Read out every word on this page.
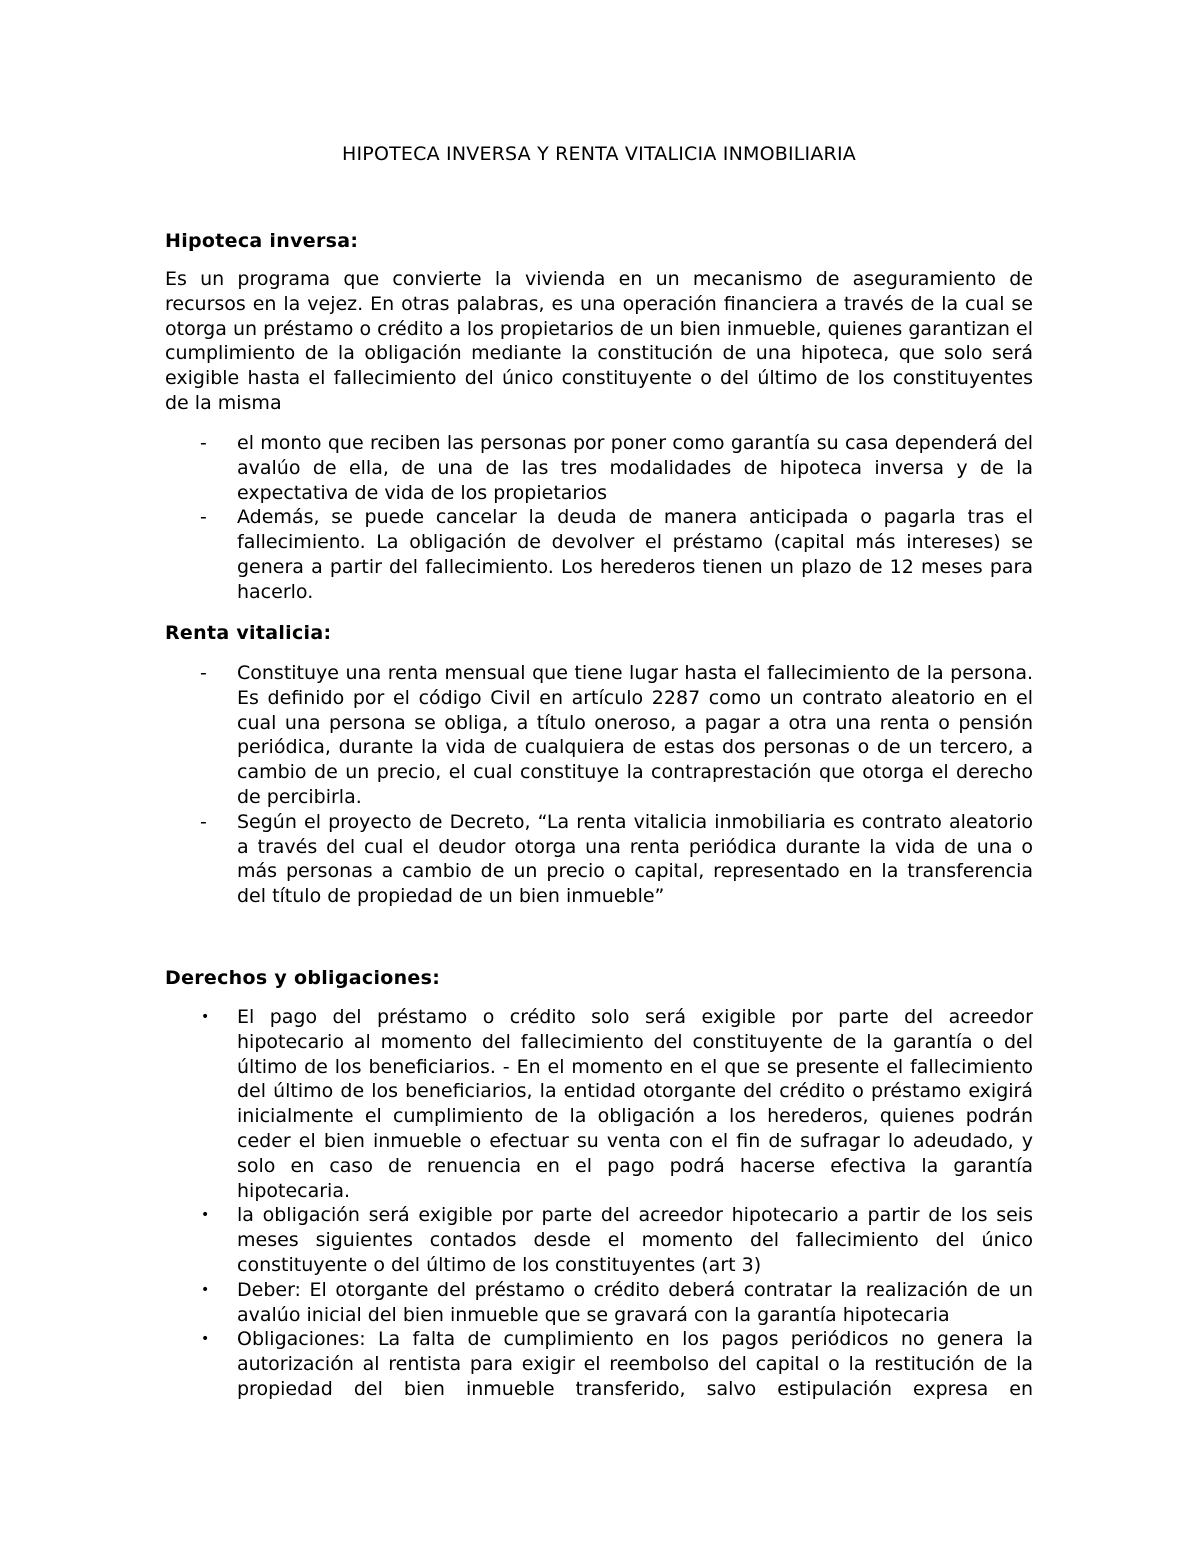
HIPOTECA INVERSA Y RENTA VITALICIA INMOBILIARIA
Hipoteca inversa:

Es un programa que convierte la vivienda en un mecanismo de aseguramiento de recursos en la vejez. En otras palabras, es una operación financiera a través de la cual se otorga un préstamo o crédito a los propietarios de un bien inmueble, quienes garantizan el cumplimiento de la obligación mediante la constitución de una hipoteca, que solo será exigible hasta el fallecimiento del único constituyente o del último de los constituyentes de la misma

-	el monto que reciben las personas por poner como garantía su casa dependerá del avalúo de ella, de una de las tres modalidades de hipoteca inversa y de la expectativa de vida de los propietarios
-	Además, se puede cancelar la deuda de manera anticipada o pagarla tras el fallecimiento. La obligación de devolver el préstamo (capital más intereses) se genera a partir del fallecimiento. Los herederos tienen un plazo de 12 meses para hacerlo.
Renta vitalicia:
-	Constituye una renta mensual que tiene lugar hasta el fallecimiento de la persona. Es definido por el código Civil en artículo 2287 como un contrato aleatorio en el cual una persona se obliga, a título oneroso, a pagar a otra una renta o pensión periódica, durante la vida de cualquiera de estas dos personas o de un tercero, a cambio de un precio, el cual constituye la contraprestación que otorga el derecho de percibirla.
-	Según el proyecto de Decreto, “La renta vitalicia inmobiliaria es contrato aleatorio a través del cual el deudor otorga una renta periódica durante la vida de una o más personas a cambio de un precio o capital, representado en la transferencia del título de propiedad de un bien inmueble”
Derechos y obligaciones:
•	El pago del préstamo o crédito solo será exigible por parte del acreedor hipotecario al momento del fallecimiento del constituyente de la garantía o del último de los beneficiarios. - En el momento en el que se presente el fallecimiento del último de los beneficiarios, la entidad otorgante del crédito o préstamo exigirá inicialmente el cumplimiento de la obligación a los herederos, quienes podrán ceder el bien inmueble o efectuar su venta con el fin de sufragar lo adeudado, y solo en caso de renuencia en el pago podrá hacerse efectiva la garantía hipotecaria.
•	la obligación será exigible por parte del acreedor hipotecario a partir de los seis meses siguientes contados desde el momento del fallecimiento del único constituyente o del último de los constituyentes (art 3)
•	Deber: El otorgante del préstamo o crédito deberá contratar la realización de un avalúo inicial del bien inmueble que se gravará con la garantía hipotecaria
•	Obligaciones: La falta de cumplimiento en los pagos periódicos no genera la autorización al rentista para exigir el reembolso del capital o la restitución de la propiedad del bien inmueble transferido, salvo estipulación expresa en
